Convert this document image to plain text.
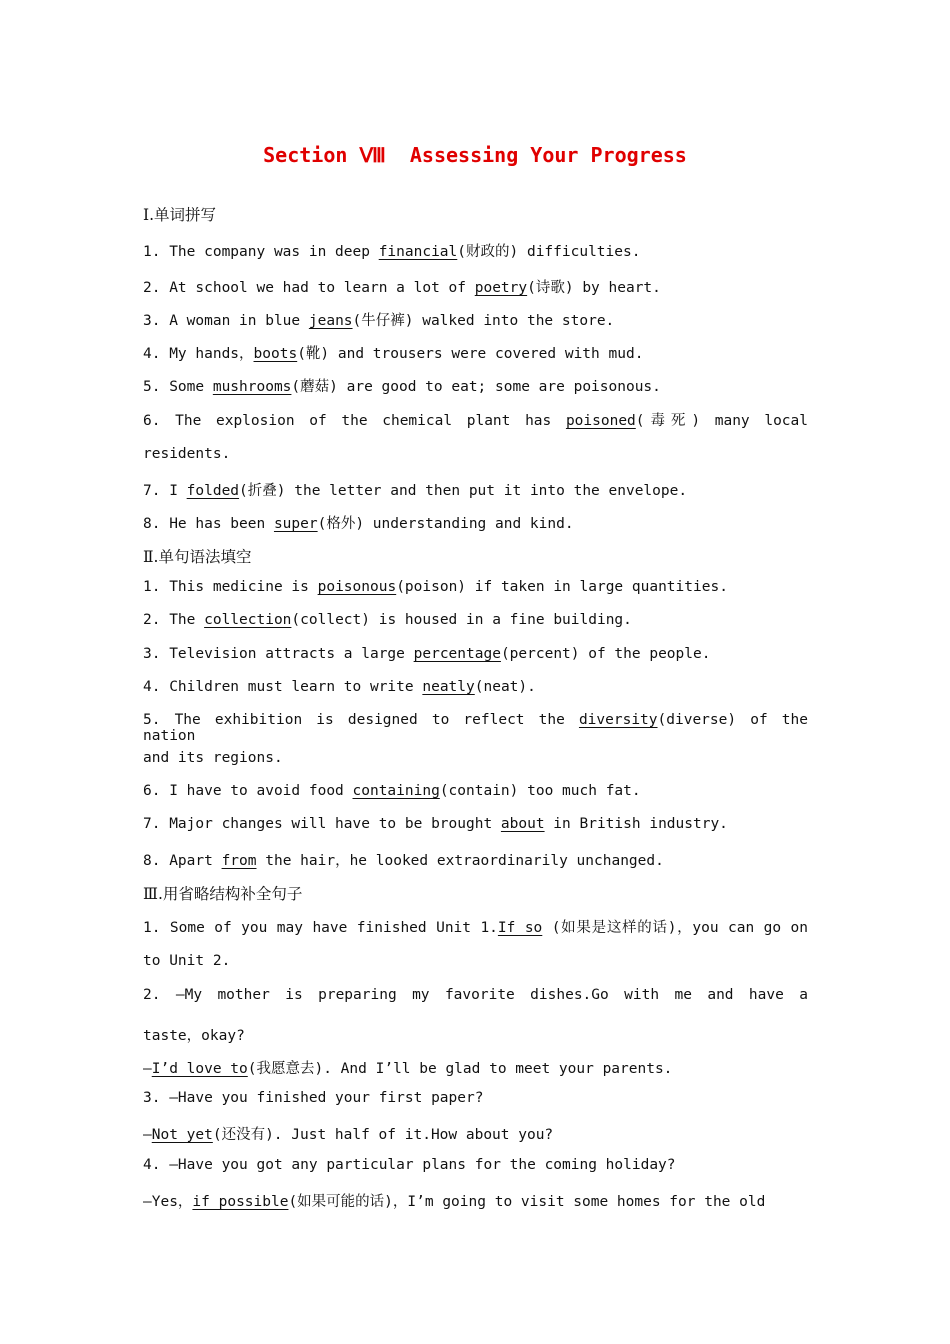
Section Ⅷ  Assessing Your Progress
Ⅰ.单词拼写
1. The company was in deep financial(财政的) difficulties.
2. At school we had to learn a lot of poetry(诗歌) by heart.
3. A woman in blue jeans(牛仔裤) walked into the store.
4. My hands，boots(靴) and trousers were covered with mud.
5. Some mushrooms(蘑菇) are good to eat; some are poisonous.
6. The explosion of the chemical plant has poisoned(毒死) many local
residents.
7. I folded(折叠) the letter and then put it into the envelope.
8. He has been super(格外) understanding and kind.
Ⅱ.单句语法填空
1. This medicine is poisonous(poison) if taken in large quantities.
2. The collection(collect) is housed in a fine building.
3. Television attracts a large percentage(percent) of the people.
4. Children must learn to write neatly(neat).
5. The exhibition is designed to reflect the diversity(diverse) of the nation
and its regions.
6. I have to avoid food containing(contain) too much fat.
7. Major changes will have to be brought about in British industry.
8. Apart from the hair，he looked extraordinarily unchanged.
Ⅲ.用省略结构补全句子
1. Some of you may have finished Unit 1.If so (如果是这样的话)，you can go on
to Unit 2.
2. —My mother is preparing my favorite dishes.Go with me and have a
taste，okay?
—I’d love to(我愿意去). And I’ll be glad to meet your parents.
3. —Have you finished your first paper?
—Not yet(还没有). Just half of it.How about you?
4. —Have you got any particular plans for the coming holiday?
—Yes，if possible(如果可能的话)，I’m going to visit some homes for the old
